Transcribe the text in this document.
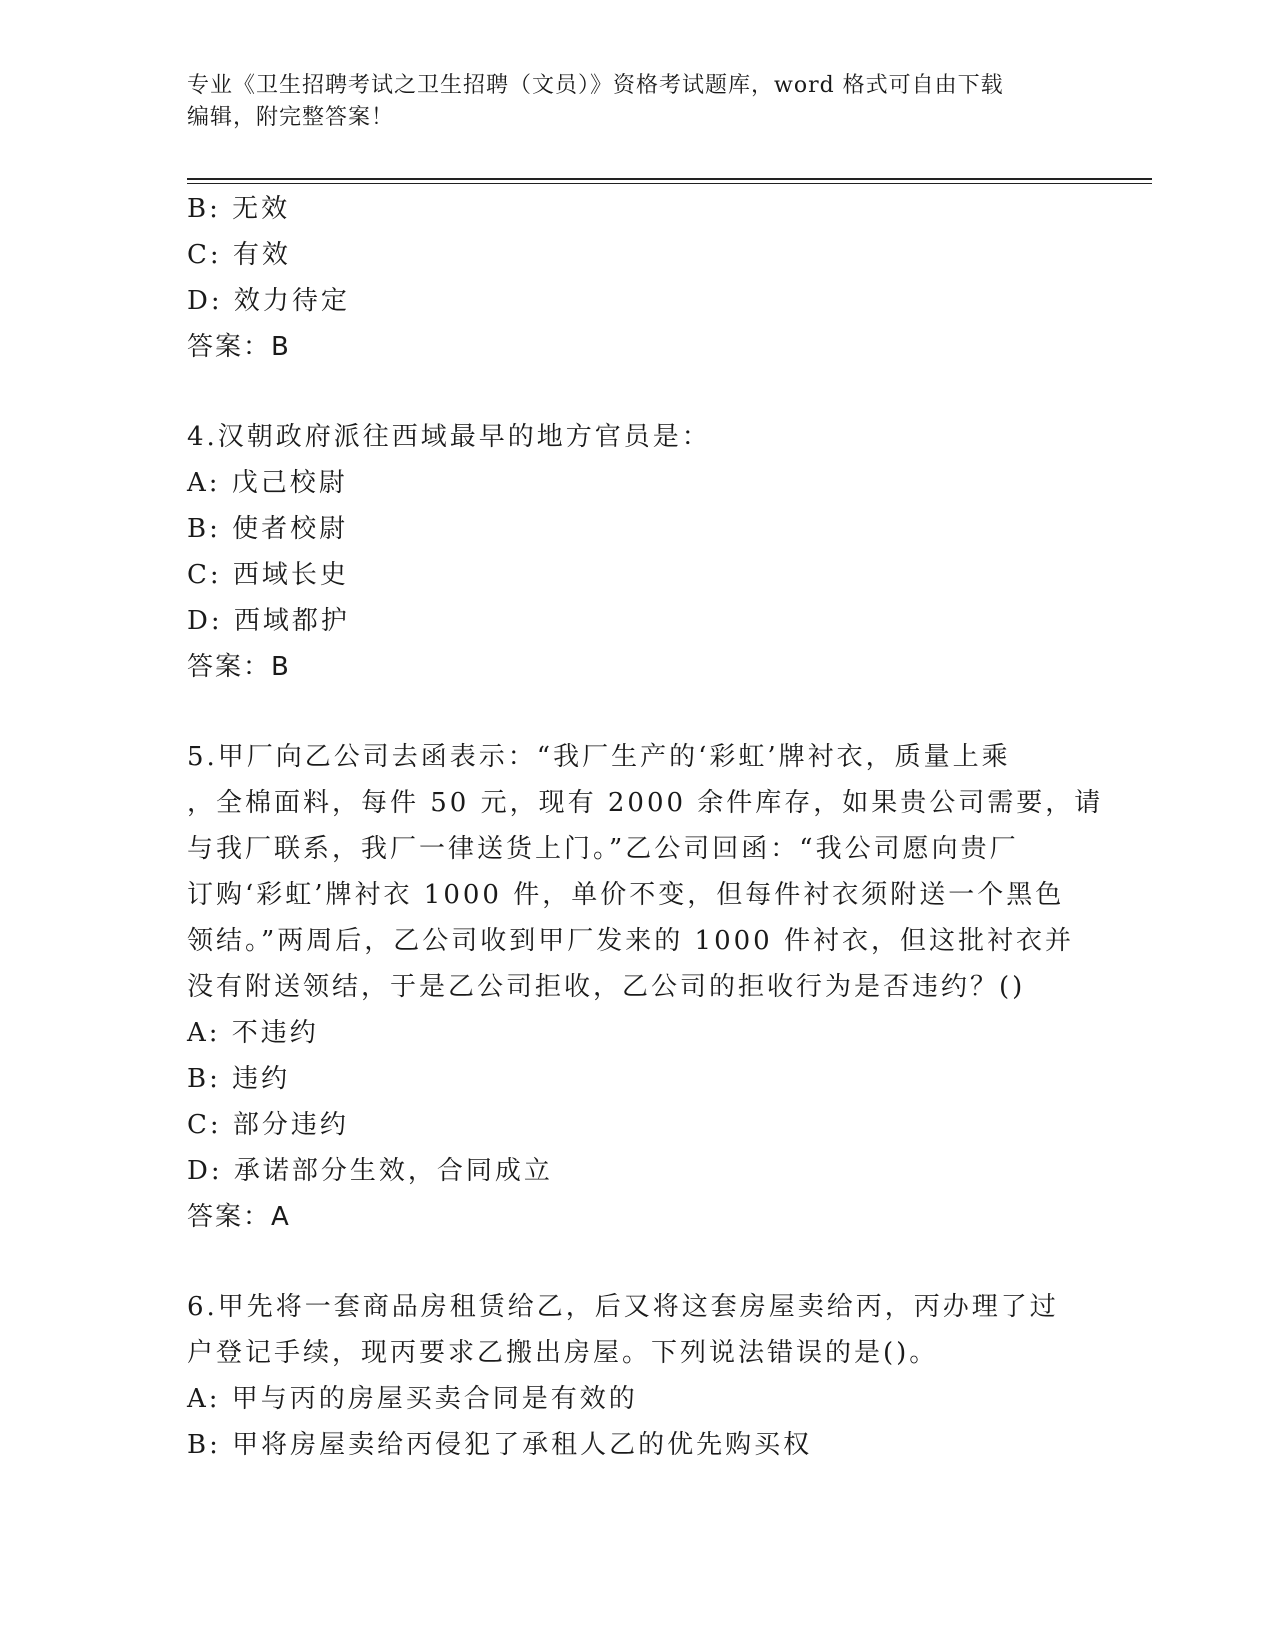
专业《卫生招聘考试之卫生招聘（文员）》资格考试题库，word 格式可自由下载
编辑，附完整答案！
B: 无效
C: 有效
D: 效力待定
答案：B
4.汉朝政府派往西域最早的地方官员是：
A: 戊己校尉
B: 使者校尉
C: 西域长史
D: 西域都护
答案：B
5.甲厂向乙公司去函表示：“我厂生产的‘彩虹’牌衬衣，质量上乘
，全棉面料，每件 50 元，现有 2000 余件库存，如果贵公司需要，请
与我厂联系，我厂一律送货上门。”乙公司回函：“我公司愿向贵厂
订购‘彩虹’牌衬衣 1000 件，单价不变，但每件衬衣须附送一个黑色
领结。”两周后，乙公司收到甲厂发来的 1000 件衬衣，但这批衬衣并
没有附送领结，于是乙公司拒收，乙公司的拒收行为是否违约？()
A: 不违约
B: 违约
C: 部分违约
D: 承诺部分生效，合同成立
答案：A
6.甲先将一套商品房租赁给乙，后又将这套房屋卖给丙，丙办理了过
户登记手续，现丙要求乙搬出房屋。下列说法错误的是()。
A: 甲与丙的房屋买卖合同是有效的
B: 甲将房屋卖给丙侵犯了承租人乙的优先购买权
